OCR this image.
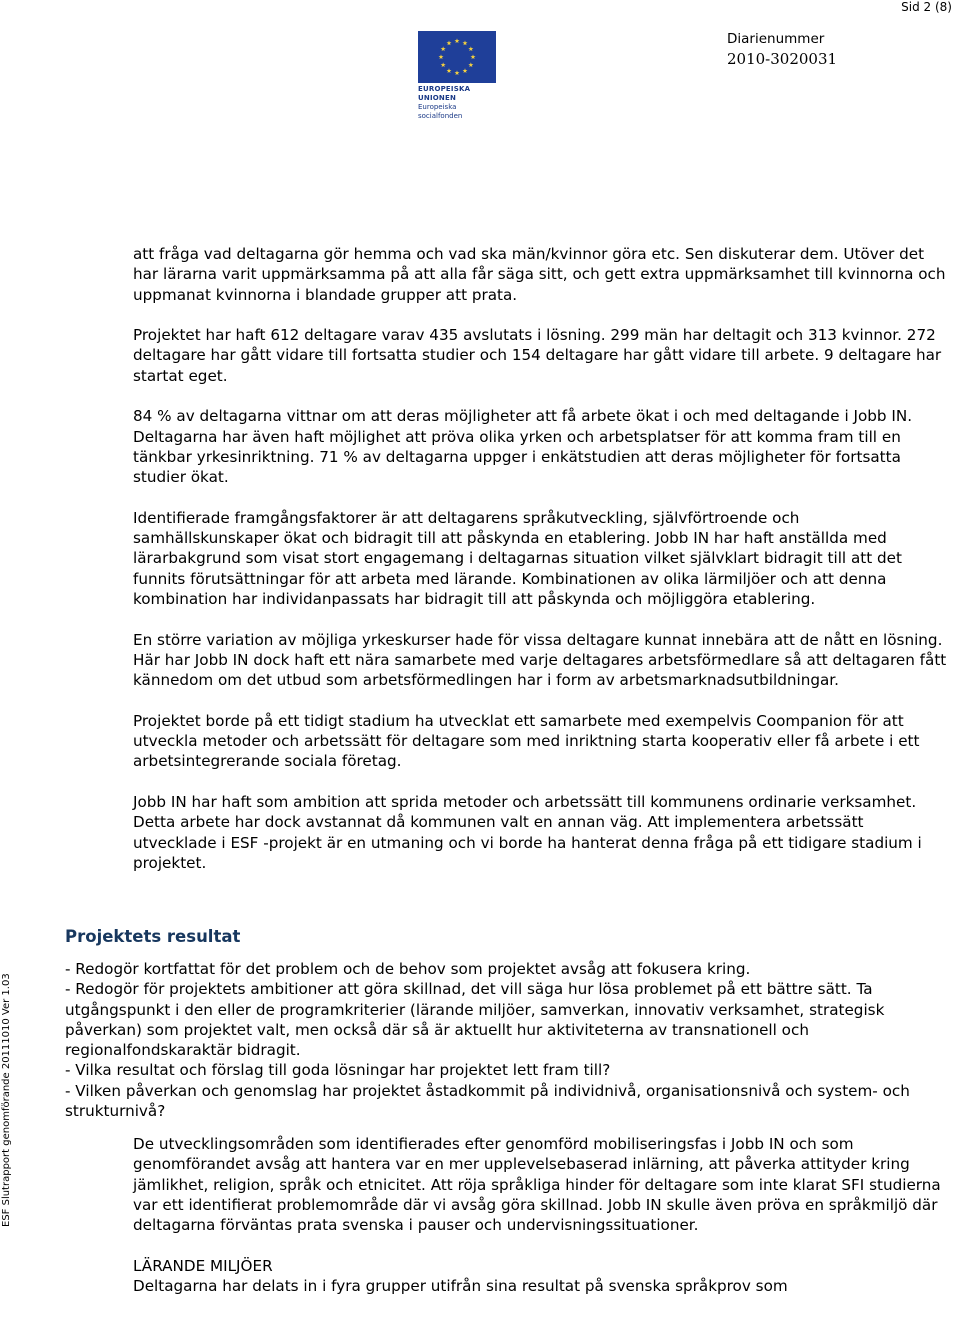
Sid 2 (8)
EUROPEISKA UNIONEN
Europeiska socialfonden
Diarienummer
2010-3020031
ESF Slutrapport genomförande 20111010 Ver 1.03

att fråga vad deltagarna gör hemma och vad ska män/kvinnor göra etc. Sen diskuterar dem. Utöver det har lärarna varit uppmärksamma på att alla får säga sitt, och gett extra uppmärksamhet till kvinnorna och uppmanat kvinnorna i blandade grupper att prata.

Projektet har haft 612 deltagare varav 435 avslutats i lösning. 299 män har deltagit och 313 kvinnor. 272 deltagare har gått vidare till fortsatta studier och 154 deltagare har gått vidare till arbete. 9 deltagare har startat eget.

84 % av deltagarna vittnar om att deras möjligheter att få arbete ökat i och med deltagande i Jobb IN. Deltagarna har även haft möjlighet att pröva olika yrken och arbetsplatser för att komma fram till en tänkbar yrkesinriktning. 71 % av deltagarna uppger i enkätstudien att deras möjligheter för fortsatta studier ökat.

Identifierade framgångsfaktorer är att deltagarens språkutveckling, självförtroende och samhällskunskaper ökat och bidragit till att påskynda en etablering. Jobb IN har haft anställda med lärarbakgrund som visat stort engagemang i deltagarnas situation vilket självklart bidragit till att det funnits förutsättningar för att arbeta med lärande. Kombinationen av olika lärmiljöer och att denna kombination har individanpassats har bidragit till att påskynda och möjliggöra etablering.

En större variation av möjliga yrkeskurser hade för vissa deltagare kunnat innebära att de nått en lösning. Här har Jobb IN dock haft ett nära samarbete med varje deltagares arbetsförmedlare så att deltagaren fått kännedom om det utbud som arbetsförmedlingen har i form av arbetsmarknadsutbildningar.

Projektet borde på ett tidigt stadium ha utvecklat ett samarbete med exempelvis Coompanion för att utveckla metoder och arbetssätt för deltagare som med inriktning starta kooperativ eller få arbete i ett arbetsintegrerande sociala företag.

Jobb IN har haft som ambition att sprida metoder och arbetssätt till kommunens ordinarie verksamhet. Detta arbete har dock avstannat då kommunen valt en annan väg. Att implementera arbetssätt utvecklade i ESF -projekt är en utmaning och vi borde ha hanterat denna fråga på ett tidigare stadium i projektet.

Projektets resultat
- Redogör kortfattat för det problem och de behov som projektet avsåg att fokusera kring.
- Redogör för projektets ambitioner att göra skillnad, det vill säga hur lösa problemet på ett bättre sätt. Ta utgångspunkt i den eller de programkriterier (lärande miljöer, samverkan, innovativ verksamhet, strategisk påverkan) som projektet valt, men också där så är aktuellt hur aktiviteterna av transnationell och regionalfondskaraktär bidragit.
- Vilka resultat och förslag till goda lösningar har projektet lett fram till?
- Vilken påverkan och genomslag har projektet åstadkommit på individnivå, organisationsnivå och system- och strukturnivå?

De utvecklingsområden som identifierades efter genomförd mobiliseringsfas i Jobb IN och som genomförandet avsåg att hantera var en mer upplevelsebaserad inlärning, att påverka attityder kring jämlikhet, religion, språk och etnicitet. Att röja språkliga hinder för deltagare som inte klarat SFI studierna var ett identifierat problemområde där vi avsåg göra skillnad. Jobb IN skulle även pröva en språkmiljö där deltagarna förväntas prata svenska i pauser och undervisningssituationer.

LÄRANDE MILJÖER
Deltagarna har delats in i fyra grupper utifrån sina resultat på svenska språkprov som
